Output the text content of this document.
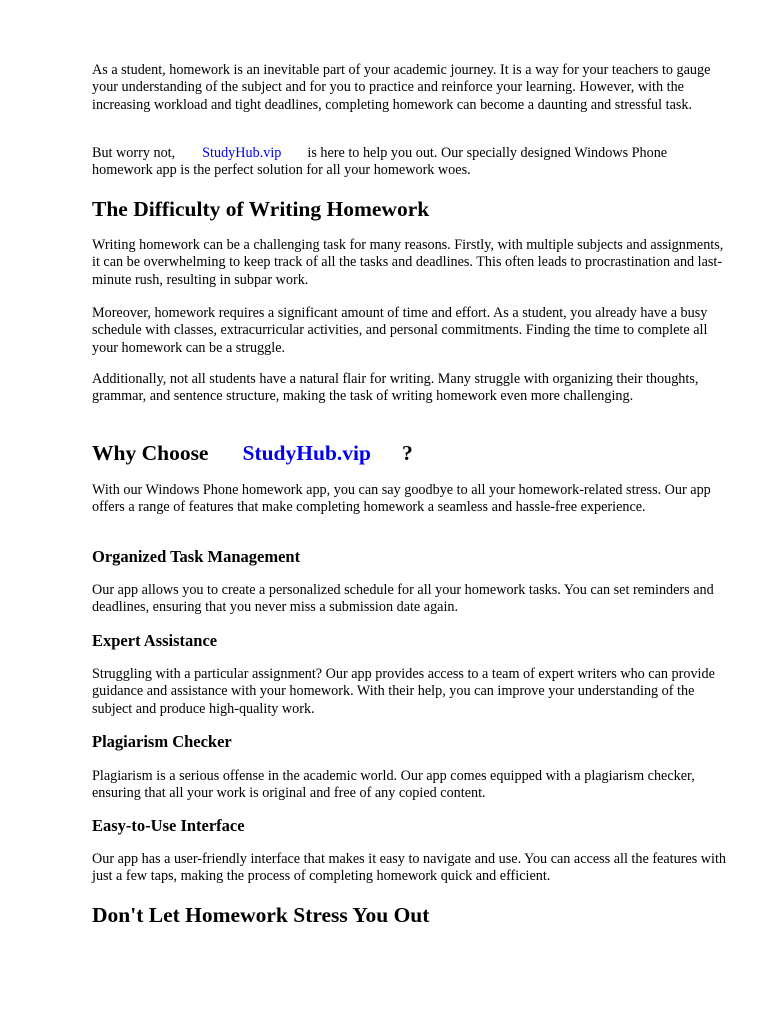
As a student, homework is an inevitable part of your academic journey. It is a way for your teachers to gauge your understanding of the subject and for you to practice and reinforce your learning. However, with the increasing workload and tight deadlines, completing homework can become a daunting and stressful task.

But worry not, StudyHub.vip is here to help you out. Our specially designed Windows Phone homework app is the perfect solution for all your homework woes.

The Difficulty of Writing Homework

Writing homework can be a challenging task for many reasons. Firstly, with multiple subjects and assignments, it can be overwhelming to keep track of all the tasks and deadlines. This often leads to procrastination and last-minute rush, resulting in subpar work.

Moreover, homework requires a significant amount of time and effort. As a student, you already have a busy schedule with classes, extracurricular activities, and personal commitments. Finding the time to complete all your homework can be a struggle.

Additionally, not all students have a natural flair for writing. Many struggle with organizing their thoughts, grammar, and sentence structure, making the task of writing homework even more challenging.

Why Choose StudyHub.vip ?

With our Windows Phone homework app, you can say goodbye to all your homework-related stress. Our app offers a range of features that make completing homework a seamless and hassle-free experience.

Organized Task Management

Our app allows you to create a personalized schedule for all your homework tasks. You can set reminders and deadlines, ensuring that you never miss a submission date again.

Expert Assistance

Struggling with a particular assignment? Our app provides access to a team of expert writers who can provide guidance and assistance with your homework. With their help, you can improve your understanding of the subject and produce high-quality work.

Plagiarism Checker

Plagiarism is a serious offense in the academic world. Our app comes equipped with a plagiarism checker, ensuring that all your work is original and free of any copied content.

Easy-to-Use Interface

Our app has a user-friendly interface that makes it easy to navigate and use. You can access all the features with just a few taps, making the process of completing homework quick and efficient.

Don't Let Homework Stress You Out
